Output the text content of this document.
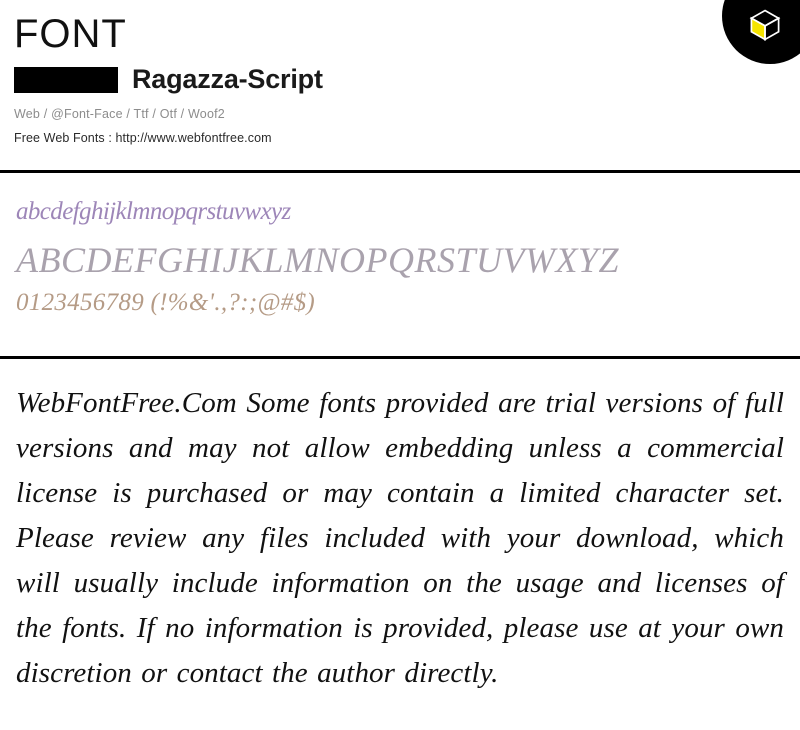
FONT
Ragazza-Script
Web / @Font-Face / Ttf / Otf / Woof2
Free Web Fonts : http://www.webfontfree.com
abcdefghijklmnopqrstuvwxyz
ABCDEFGHIJKLMNOPQRSTUVWXYZ
0123456789 (!%&'.,?:;@#$)

WebFontFree.Com Some fonts provided are trial versions of full versions and may not allow embedding unless a commercial license is purchased or may contain a limited character set. Please review any files included with your download, which will usually include information on the usage and licenses of the fonts. If no information is provided, please use at your own discretion or contact the author directly.
